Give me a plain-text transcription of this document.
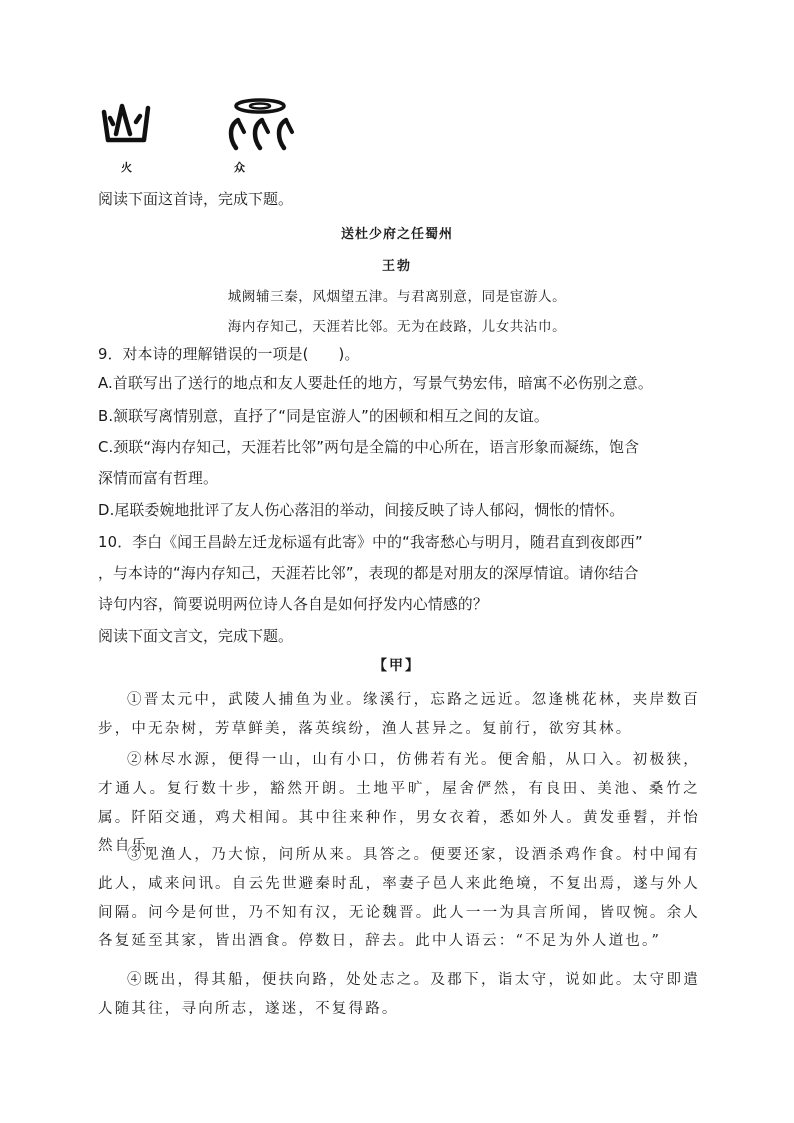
火	众
阅读下面这首诗，完成下题。
送杜少府之任蜀州
王勃
城阙辅三秦，风烟望五津。与君离别意，同是宦游人。
海内存知己，天涯若比邻。无为在歧路，儿女共沾巾。
9．对本诗的理解错误的一项是(　　)。
A.首联写出了送行的地点和友人要赴任的地方，写景气势宏伟，暗寓不必伤别之意。
B.颔联写离情别意，直抒了“同是宦游人”的困顿和相互之间的友谊。
C.颈联“海内存知己，天涯若比邻”两句是全篇的中心所在，语言形象而凝练，饱含
深情而富有哲理。
D.尾联委婉地批评了友人伤心落泪的举动，间接反映了诗人郁闷，惆怅的情怀。
10．李白《闻王昌龄左迁龙标遥有此寄》中的“我寄愁心与明月，随君直到夜郎西”
，与本诗的“海内存知己，天涯若比邻”，表现的都是对朋友的深厚情谊。请你结合
诗句内容，简要说明两位诗人各自是如何抒发内心情感的？
阅读下面文言文，完成下题。
【甲】
①晋太元中，武陵人捕鱼为业。缘溪行，忘路之远近。忽逢桃花林，夹岸数百步，中无杂树，芳草鲜美，落英缤纷，渔人甚异之。复前行，欲穷其林。
②林尽水源，便得一山，山有小口，仿佛若有光。便舍船，从口入。初极狭，才通人。复行数十步，豁然开朗。土地平旷，屋舍俨然，有良田、美池、桑竹之属。阡陌交通，鸡犬相闻。其中往来种作，男女衣着，悉如外人。黄发垂髫，并怡然自乐。
③见渔人，乃大惊，问所从来。具答之。便要还家，设酒杀鸡作食。村中闻有此人，咸来问讯。自云先世避秦时乱，率妻子邑人来此绝境，不复出焉，遂与外人间隔。问今是何世，乃不知有汉，无论魏晋。此人一一为具言所闻，皆叹惋。余人各复延至其家，皆出酒食。停数日，辞去。此中人语云：“不足为外人道也。”
④既出，得其船，便扶向路，处处志之。及郡下，诣太守，说如此。太守即遣人随其往，寻向所志，遂迷，不复得路。
